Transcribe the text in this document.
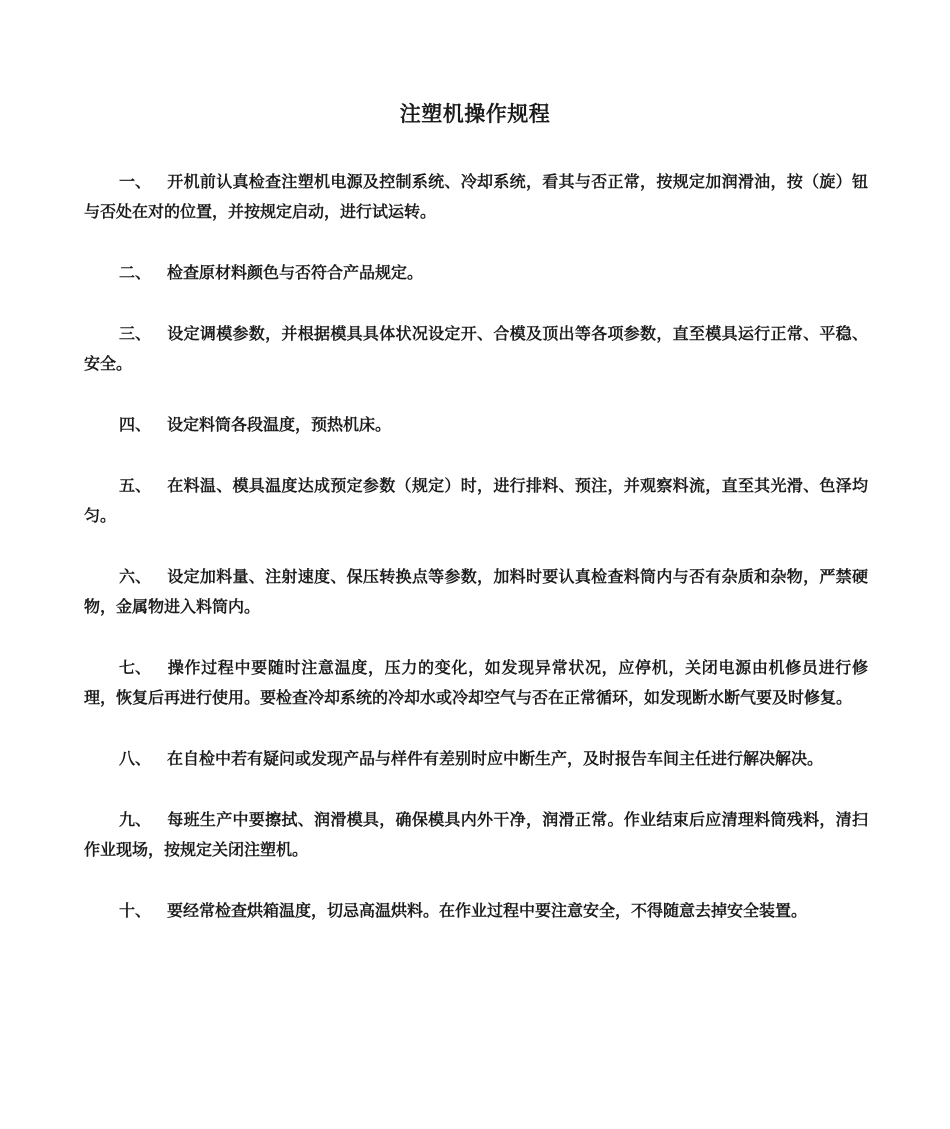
注塑机操作规程

一、 开机前认真检查注塑机电源及控制系统、冷却系统，看其与否正常，按规定加润滑油，按（旋）钮与否处在对的位置，并按规定启动，进行试运转。

二、 检查原材料颜色与否符合产品规定。

三、 设定调模参数，并根据模具具体状况设定开、合模及顶出等各项参数，直至模具运行正常、平稳、安全。

四、 设定料筒各段温度，预热机床。

五、 在料温、模具温度达成预定参数（规定）时，进行排料、预注，并观察料流，直至其光滑、色泽均匀。

六、 设定加料量、注射速度、保压转换点等参数，加料时要认真检查料筒内与否有杂质和杂物，严禁硬物，金属物进入料筒内。

七、 操作过程中要随时注意温度，压力的变化，如发现异常状况，应停机，关闭电源由机修员进行修理，恢复后再进行使用。要检查冷却系统的冷却水或冷却空气与否在正常循环，如发现断水断气要及时修复。

八、 在自检中若有疑问或发现产品与样件有差别时应中断生产，及时报告车间主任进行解决解决。

九、 每班生产中要擦拭、润滑模具，确保模具内外干净，润滑正常。作业结束后应清理料筒残料，清扫作业现场，按规定关闭注塑机。

十、 要经常检查烘箱温度，切忌高温烘料。在作业过程中要注意安全，不得随意去掉安全装置。
